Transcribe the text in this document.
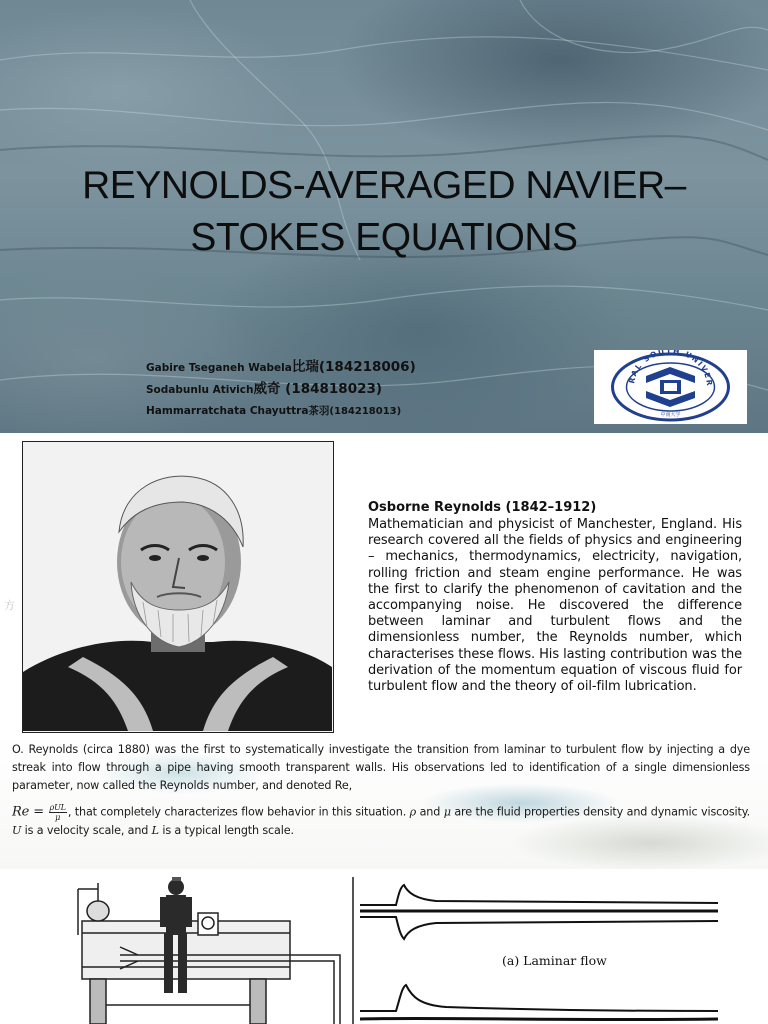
REYNOLDS-AVERAGED NAVIER–
STOKES EQUATIONS
Gabire Tseganeh Wabela比瑞(184218006)
Sodabunlu Ativich威奇 (184818023)
Hammarratchata Chayuttra茶羽(184218013)
RAL SOUTH UNIVER
中南大学
方
Osborne Reynolds (1842–1912)
Mathematician and physicist of Manchester, England. His research covered all the fields of physics and engineering – mechanics, thermodynamics, electricity, navigation, rolling friction and steam engine performance. He was the first to clarify the phenomenon of cavitation and the accompanying noise. He discovered the difference between laminar and turbulent flows and the dimensionless number, the Reynolds number, which characterises these flows. His lasting contribution was the derivation of the momentum equation of viscous fluid for turbulent flow and the theory of oil-film lubrication.
O. Reynolds (circa 1880) was the first to systematically investigate the transition from laminar to turbulent flow by injecting a dye streak into flow through a pipe having smooth transparent walls. His observations led to identification of a single dimensionless parameter, now called the Reynolds number, and denoted Re,
$Re = \frac{\text{ρUL}}{\mu}$ , that completely characterizes flow behavior in this situation. ρ and μ are the fluid properties density and dynamic viscosity. U is a velocity scale, and L is a typical length scale.
(a) Laminar flow
